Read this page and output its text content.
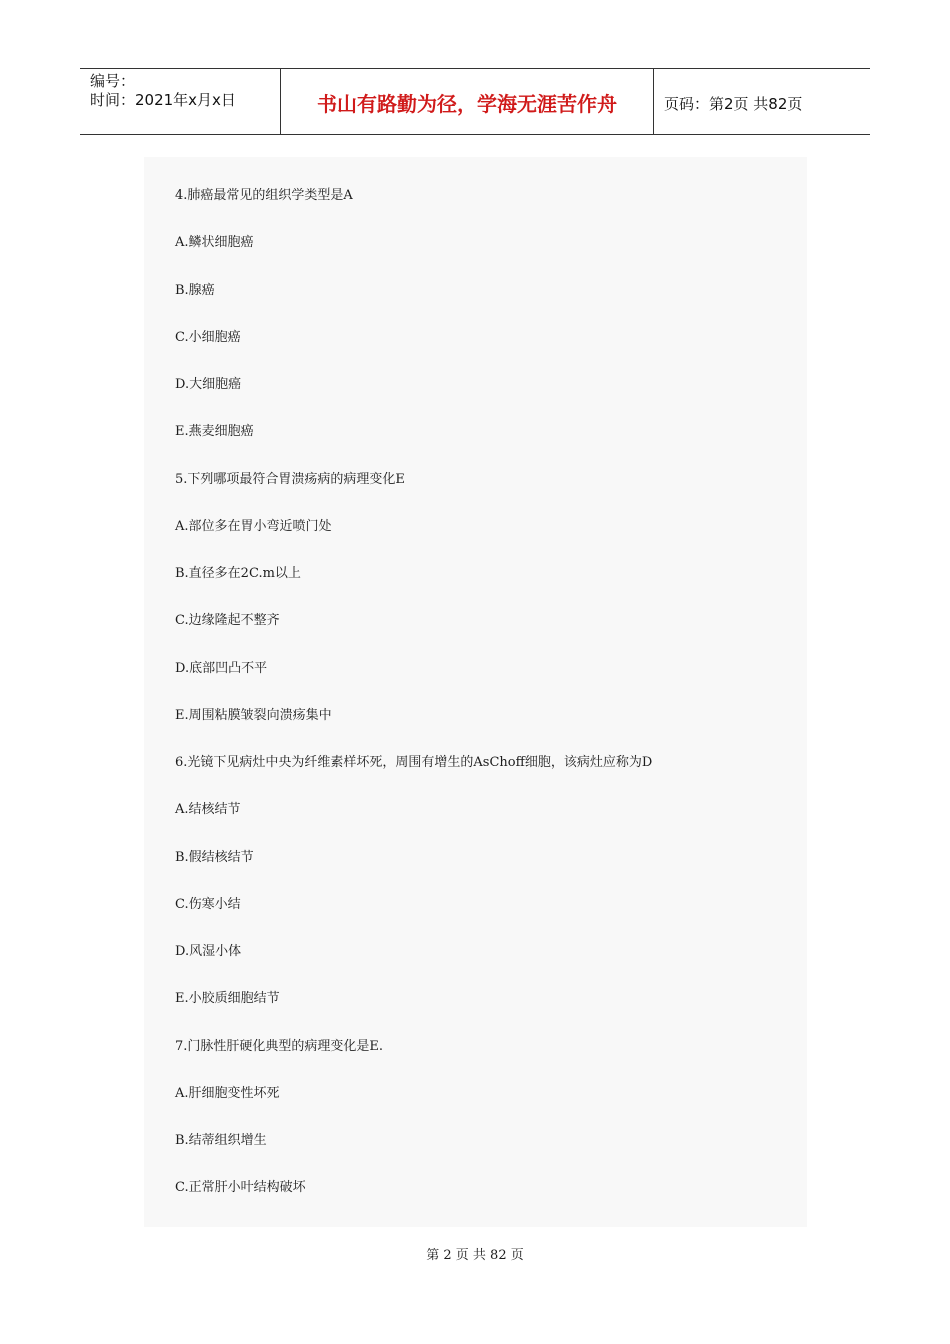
编号：
时间：2021年x月x日	书山有路勤为径，学海无涯苦作舟	页码：第2页 共82页
4.肺癌最常见的组织学类型是A
A.鳞状细胞癌
B.腺癌
C.小细胞癌
D.大细胞癌
E.燕麦细胞癌
5.下列哪项最符合胃溃疡病的病理变化E
A.部位多在胃小弯近喷门处
B.直径多在2C.m以上
C.边缘隆起不整齐
D.底部凹凸不平
E.周围粘膜皱裂向溃疡集中
6.光镜下见病灶中央为纤维素样坏死，周围有增生的AsChoff细胞，该病灶应称为D
A.结核结节
B.假结核结节
C.伤寒小结
D.风湿小体
E.小胶质细胞结节
7.门脉性肝硬化典型的病理变化是E.
A.肝细胞变性坏死
B.结蒂组织增生
C.正常肝小叶结构破坏
第 2 页 共 82 页
